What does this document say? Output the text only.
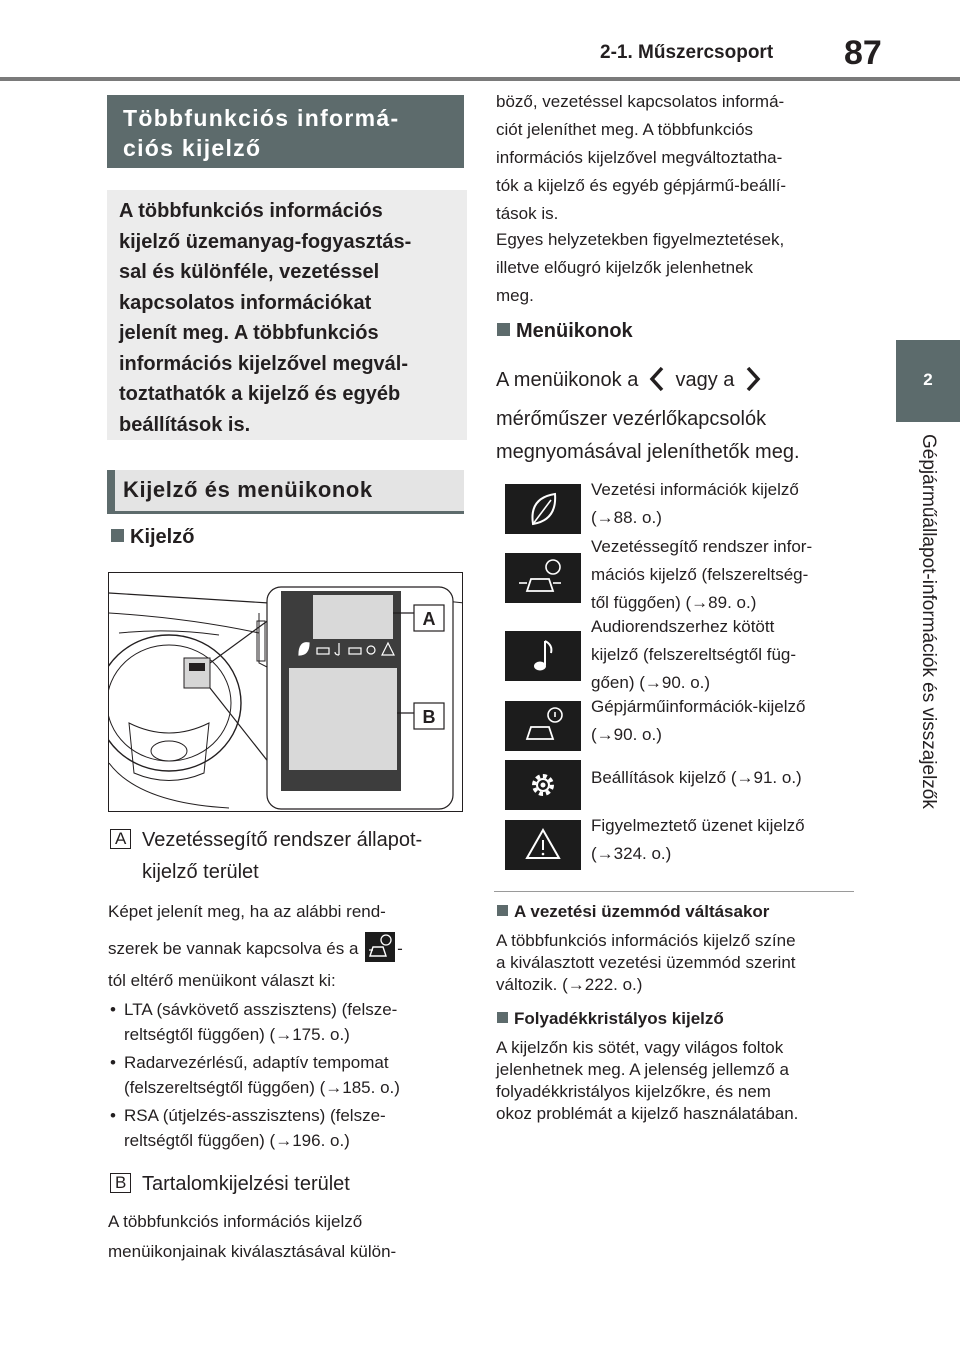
2-1. Műszercsoport 87
2
Gépjárműállapot-információk és visszajelzők
Többfunkciós informá-
ciós kijelző
A többfunkciós információs
kijelző üzemanyag-fogyasztás-
sal és különféle, vezetéssel
kapcsolatos információkat
jelenít meg. A többfunkciós
információs kijelzővel megvál-
toztathatók a kijelző és egyéb
beállítások is.
Kijelző és menüikonok
Kijelző
A
B
A Vezetéssegítő rendszer állapot-
kijelző terület
Képet jelenít meg, ha az alábbi rend-
szerek be vannak kapcsolva és a -
tól eltérő menüikont választ ki:
• LTA (sávkövető asszisztens) (felsze-
reltségtől függően) (→175. o.)
• Radarvezérlésű, adaptív tempomat
(felszereltségtől függően) (→185. o.)
• RSA (útjelzés-asszisztens) (felsze-
reltségtől függően) (→196. o.)
B Tartalomkijelzési terület
A többfunkciós információs kijelző
menüikonjainak kiválasztásával külön-
böző, vezetéssel kapcsolatos informá-
ciót jeleníthet meg. A többfunkciós
információs kijelzővel megváltoztatha-
tók a kijelző és egyéb gépjármű-beállí-
tások is.
Egyes helyzetekben figyelmeztetések,
illetve előugró kijelzők jelenhetnek
meg.
Menüikonok
A menüikonok a vagy a
mérőműszer vezérlőkapcsolók
megnyomásával jeleníthetők meg.
Vezetési információk kijelző
(→88. o.)
Vezetéssegítő rendszer infor-
mációs kijelző (felszereltség-
től függően) (→89. o.)
Audiorendszerhez kötött
kijelző (felszereltségtől füg-
gően) (→90. o.)
Gépjárműinformációk-kijelző
(→90. o.)
Beállítások kijelző (→91. o.)
Figyelmeztető üzenet kijelző
(→324. o.)
A vezetési üzemmód váltásakor
A többfunkciós információs kijelző színe
a kiválasztott vezetési üzemmód szerint
változik. (→222. o.)
Folyadékkristályos kijelző
A kijelzőn kis sötét, vagy világos foltok
jelenhetnek meg. A jelenség jellemző a
folyadékkristályos kijelzőkre, és nem
okoz problémát a kijelző használatában.
